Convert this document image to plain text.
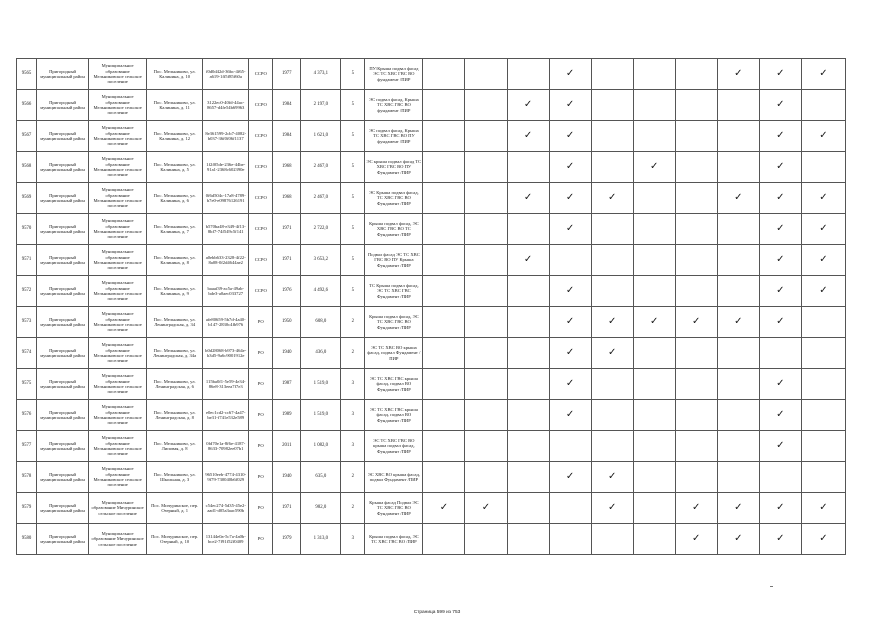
9565	Пригородный муниципальный район	Муниципальное образование Мельниковское сельское поселение	Пос. Мельниково, ул. Калинина, д. 10	f0d0d42d-36bc-4f65-a619-1ff5f85f60a	ССРО	1977	4 373,1	5	ПУ/Крыша подвал фасад ЭС ТС ХВС ГВС ВО фундамент /ПИР				✓				✓	✓	✓
9566	Пригородный муниципальный район	Муниципальное образование Мельниковское сельское поселение	Пос. Мельниково, ул. Калинина, д. 11	3122ec0-40fd-44ac-8657-d4fe54b69963	ССРО	1984	2 197,0	5	ЭС подвал фасад, Крыша ТС ХВС ГВС ВО фундамент /ПИР			✓	✓					✓	
9567	Пригородный муниципальный район	Муниципальное образование Мельниковское сельское поселение	Пос. Мельниково, ул. Калинина, д. 12	8e361599-2cb7-4082-b037-36f0f06f1137	ССРО	1984	1 621,0	5	ЭС подвал фасад, Крыша ТС ХВС ГВС ВО ПУ фундамент /ПИР			✓	✓					✓	✓
9568	Пригородный муниципальный район	Муниципальное образование Мельниковское сельское поселение	Пос. Мельниково, ул. Калинина, д. 5	1f2f05de-236e-44be-91a1-2368c602390e	ССРО	1968	2 467,0	5	ЭС крыша подвал фасад ТС ХВС ГВС ВО ПУ Фундамент /ПИР				✓		✓			✓	
9569	Пригородный муниципальный район	Муниципальное образование Мельниковское сельское поселение	Пос. Мельниково, ул. Калинина, д. 6	0f6d504c-17a8-4789-b7e0-e09876126191	ССРО	1968	2 467,0	5	ЭС Крыша подвал фасад, ТС ХВС ГВС ВО Фундамент /ПИР			✓	✓	✓			✓	✓	✓
9570	Пригородный муниципальный район	Муниципальное образование Мельниковское сельское поселение	Пос. Мельниково, ул. Калинина, д. 7	b570ba48-e349-4f13-8bf7-74f549c5f141	ССРО	1971	2 722,0	5	Крыша подвал фасад, ЭС ХВС ГВС ВО ТС Фундамент /ПИР				✓					✓	✓
9571	Пригородный муниципальный район	Муниципальное образование Мельниковское сельское поселение	Пос. Мельниково, ул. Калинина, д. 8	a0ebb633-2328-4f22-8a08-0f2d4644ae2	ССРО	1971	3 653,2	5	Подвал фасад ЭС ТС ХВС ГВС ВО ПУ Крыша Фундамент /ПИР			✓						✓	✓
9572	Пригородный муниципальный район	Муниципальное образование Мельниковское сельское поселение	Пос. Мельниково, ул. Калинина, д. 9	baaaf39-ac5a-49ab-bde3-a0aec033727	ССРО	1976	4 492,6	5	ТС Крыша подвал фасад, ЭС ТС ХВС ГВС Фундамент /ПИР				✓					✓	✓
9573	Пригородный муниципальный район	Муниципальное образование Мельниковское сельское поселение	Пос. Мельниково, ул. Ленинградская, д. 34	afe80659-5b7d-4a40-b147-2830c4fb976	РО	1950	608,0	2	Крыша подвал фасад, ЭС ТС ХВС ГВС ВО Фундамент /ПИР				✓	✓	✓	✓	✓	✓	
9574	Пригородный муниципальный район	Муниципальное образование Мельниковское сельское поселение	Пос. Мельниково, ул. Ленинградская, д. 34а	b0d28068-b973-464e-b3d5-9a6c9001912e	РО	1940	436,0	2	ЭС ТС ХВС ВО крыша фасад, подвал Фундамент /ПИР				✓	✓					
9575	Пригородный муниципальный район	Муниципальное образование Мельниковское сельское поселение	Пос. Мельниково, ул. Ленинградская, д. 6	115ba0f1-5e59-4e34-86e8-313eea7f7e3	РО	1987	1 519,0	3	ЭС ТС ХВС ГВС крыша фасад, подвал ВО Фундамент /ПИР				✓					✓	
9576	Пригородный муниципальный район	Муниципальное образование Мельниковское сельское поселение	Пос. Мельниково, ул. Ленинградская, д. 8	e0ec1cd2-cc67-4a47-be31-f741e532e589	РО	1989	1 519,0	3	ЭС ТС ХВС ГВС крыша фасад, подвал ВО Фундамент /ПИР				✓					✓	
9577	Пригородный муниципальный район	Муниципальное образование Мельниковское сельское поселение	Пос. Мельниково, ул. Липовая, д. 8	0fd70e1a-8f6e-4187-8633-70982ee07b1	РО	2011	1 082,0	3	ЭС ТС ХВС ГВС ВО крыша подвал фасад, Фундамент /ПИР									✓	
9578	Пригородный муниципальный район	Муниципальное образование Мельниковское сельское поселение	Пос. Мельниково, ул. Школьная, д. 3	96510eeb-4774-4310-9f79-730040b6f029	РО	1940	635,0	2	ЭС ХВС ВО крыша фасад, подвал Фундамент /ПИР				✓	✓					
9579	Пригородный муниципальный район	Муниципальное образование Мичуринское сельское поселение	Пос. Мичуринское, пер. Озерный, д. 1	c54ec274-5d35-45e2-aad1-d05a3aac590b	РО	1971	982,0	2	Крыша фасад Подвал ЭС ТС ХВС ГВС ВО Фундамент /ПИР	✓	✓			✓		✓	✓	✓	✓
9580	Пригородный муниципальный район	Муниципальное образование Мичуринское сельское поселение	Пос. Мичуринское, пер. Озерный, д. 10	13144e0a-5c7a-4a0b-bce2-7f91f52f0409	РО	1979	1 313,0	3	Крыша подвал фасад, ЭС ТС ХВС ГВС ВО /ПИР							✓	✓	✓	✓
Страница 599 из 753
